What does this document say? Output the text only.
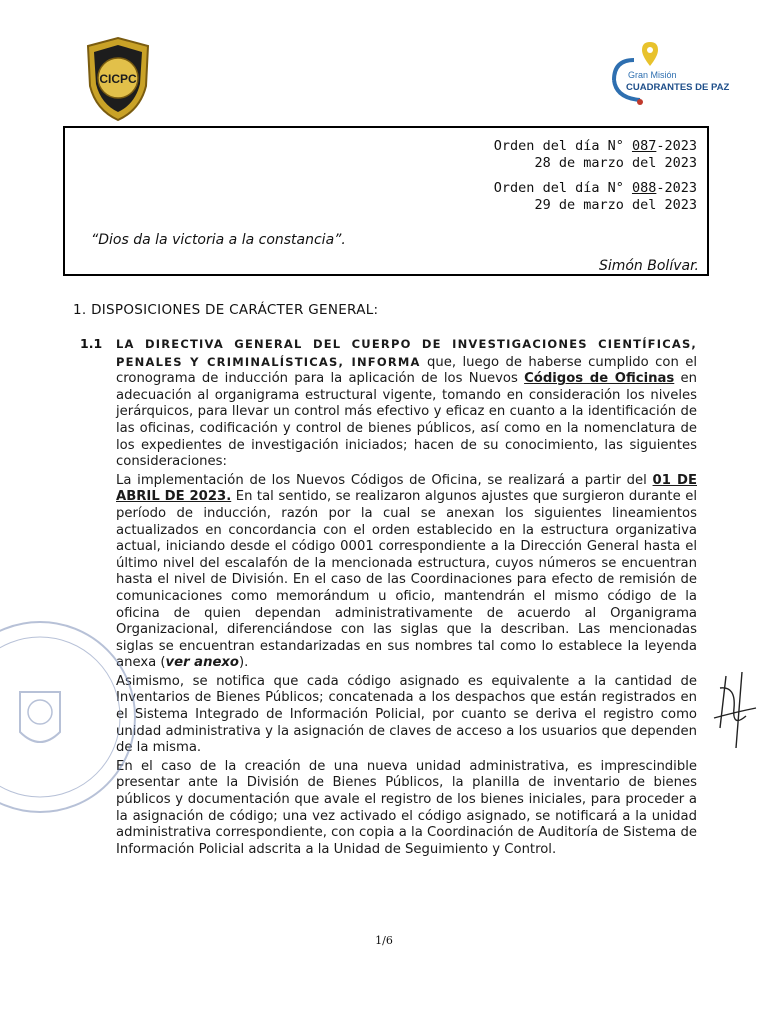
CICPC	Gran Misión
CUADRANTES DE PAZ
Orden del día N° 087-2023
28 de marzo del 2023
Orden del día N° 088-2023
29 de marzo del 2023
“Dios da la victoria a la constancia”.
Simón Bolívar.
1. DISPOSICIONES DE CARÁCTER GENERAL:
1.1 LA DIRECTIVA GENERAL DEL CUERPO DE INVESTIGACIONES CIENTÍFICAS, PENALES Y CRIMINALÍSTICAS, INFORMA que, luego de haberse cumplido con el cronograma de inducción para la aplicación de los Nuevos Códigos de Oficinas en adecuación al organigrama estructural vigente, tomando en consideración los niveles jerárquicos, para llevar un control más efectivo y eficaz en cuanto a la identificación de las oficinas, codificación y control de bienes públicos, así como en la nomenclatura de los expedientes de investigación iniciados; hacen de su conocimiento, las siguientes consideraciones:

La implementación de los Nuevos Códigos de Oficina, se realizará a partir del 01 DE ABRIL DE 2023. En tal sentido, se realizaron algunos ajustes que surgieron durante el período de inducción, razón por la cual se anexan los siguientes lineamientos actualizados en concordancia con el orden establecido en la estructura organizativa actual, iniciando desde el código 0001 correspondiente a la Dirección General hasta el último nivel del escalafón de la mencionada estructura, cuyos números se encuentran hasta el nivel de División. En el caso de las Coordinaciones para efecto de remisión de comunicaciones como memorándum u oficio, mantendrán el mismo código de la oficina de quien dependan administrativamente de acuerdo al Organigrama Organizacional, diferenciándose con las siglas que la describan. Las mencionadas siglas se encuentran estandarizadas en sus nombres tal como lo establece la leyenda anexa (ver anexo).

Asimismo, se notifica que cada código asignado es equivalente a la cantidad de Inventarios de Bienes Públicos; concatenada a los despachos que están registrados en el Sistema Integrado de Información Policial, por cuanto se deriva el registro como unidad administrativa y la asignación de claves de acceso a los usuarios que dependen de la misma.

En el caso de la creación de una nueva unidad administrativa, es imprescindible presentar ante la División de Bienes Públicos, la planilla de inventario de bienes públicos y documentación que avale el registro de los bienes iniciales, para proceder a la asignación de código; una vez activado el código asignado, se notificará a la unidad administrativa correspondiente, con copia a la Coordinación de Auditoría de Sistema de Información Policial adscrita a la Unidad de Seguimiento y Control.

1/6
